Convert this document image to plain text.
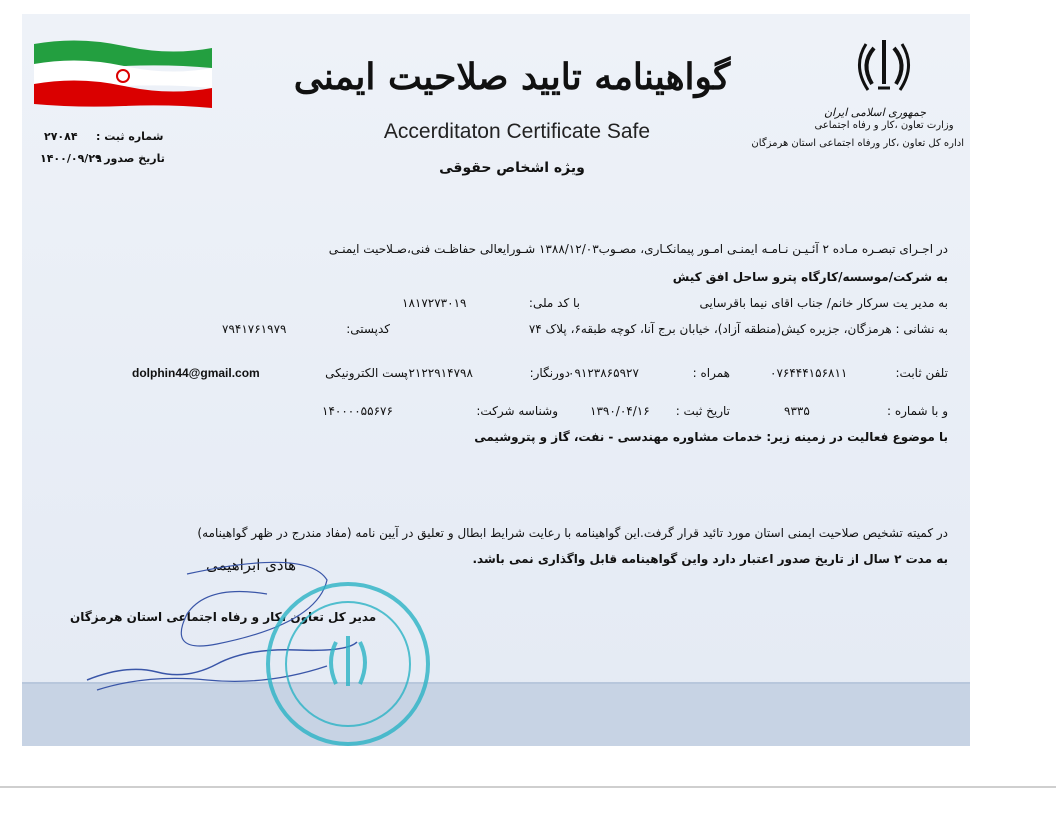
گواهینامه تایید صلاحیت ایمنی
Accerditaton Certificate Safe
ویژه اشخاص حقوقی
جمهوری اسلامی ایران
وزارت تعاون ،کار و رفاه اجتماعی
اداره کل تعاون ،کار ورفاه اجتماعی استان هرمزگان
شماره ثبت :
۲۷۰۸۴
تاریخ صدور :
۱۴۰۰/۰۹/۲۹
در اجـرای تبصـره مـاده ۲ آئـیـن نـامـه ایمنـی امـور پیمانکـاری، مصـوب۱۳۸۸/۱۲/۰۳ شـورایعالی حفاظـت فنی،صـلاحیت ایمنـی
به شرکت/موسسه/کارگاه پترو ساحل افق کیش
به مدیر یت سرکار خانم/ جناب اقای نیما باقرسایی
با کد ملی:
۱۸۱۷۲۷۳۰۱۹
به نشانی : هرمزگان، جزیره کیش(منطقه آزاد)، خیابان برج آنا، کوچه طبقه۶، پلاک ۷۴
کدپستی:
۷۹۴۱۷۶۱۹۷۹
تلفن ثابت:
۰۷۶۴۴۴۱۵۶۸۱۱
همراه :
۰۹۱۲۳۸۶۵۹۲۷
دورنگار:
۰۲۱۲۲۹۱۴۷۹۸
پست الکترونیکی
dolphin44@gmail.com
و با شماره :
۹۳۳۵
تاریخ ثبت :
۱۳۹۰/۰۴/۱۶
وشناسه شرکت:
۱۴۰۰۰۰۵۵۶۷۶
با موضوع فعالیت در زمینه زیر: خدمات مشاوره مهندسی - نفت، گاز و پتروشیمی
در کمیته تشخیص صلاحیت ایمنی استان مورد تائید قرار گرفت.این گواهینامه با رعایت شرایط ابطال و تعلیق در آیین نامه (مفاد مندرج در ظهر گواهینامه)
به مدت ۲ سال از تاریخ صدور اعتبار دارد واین گواهینامه قابل واگذاری نمی باشد.
هادی ابراهیمی
مدیر کل تعاون ،کار و رفاه اجتماعی استان هرمزگان
